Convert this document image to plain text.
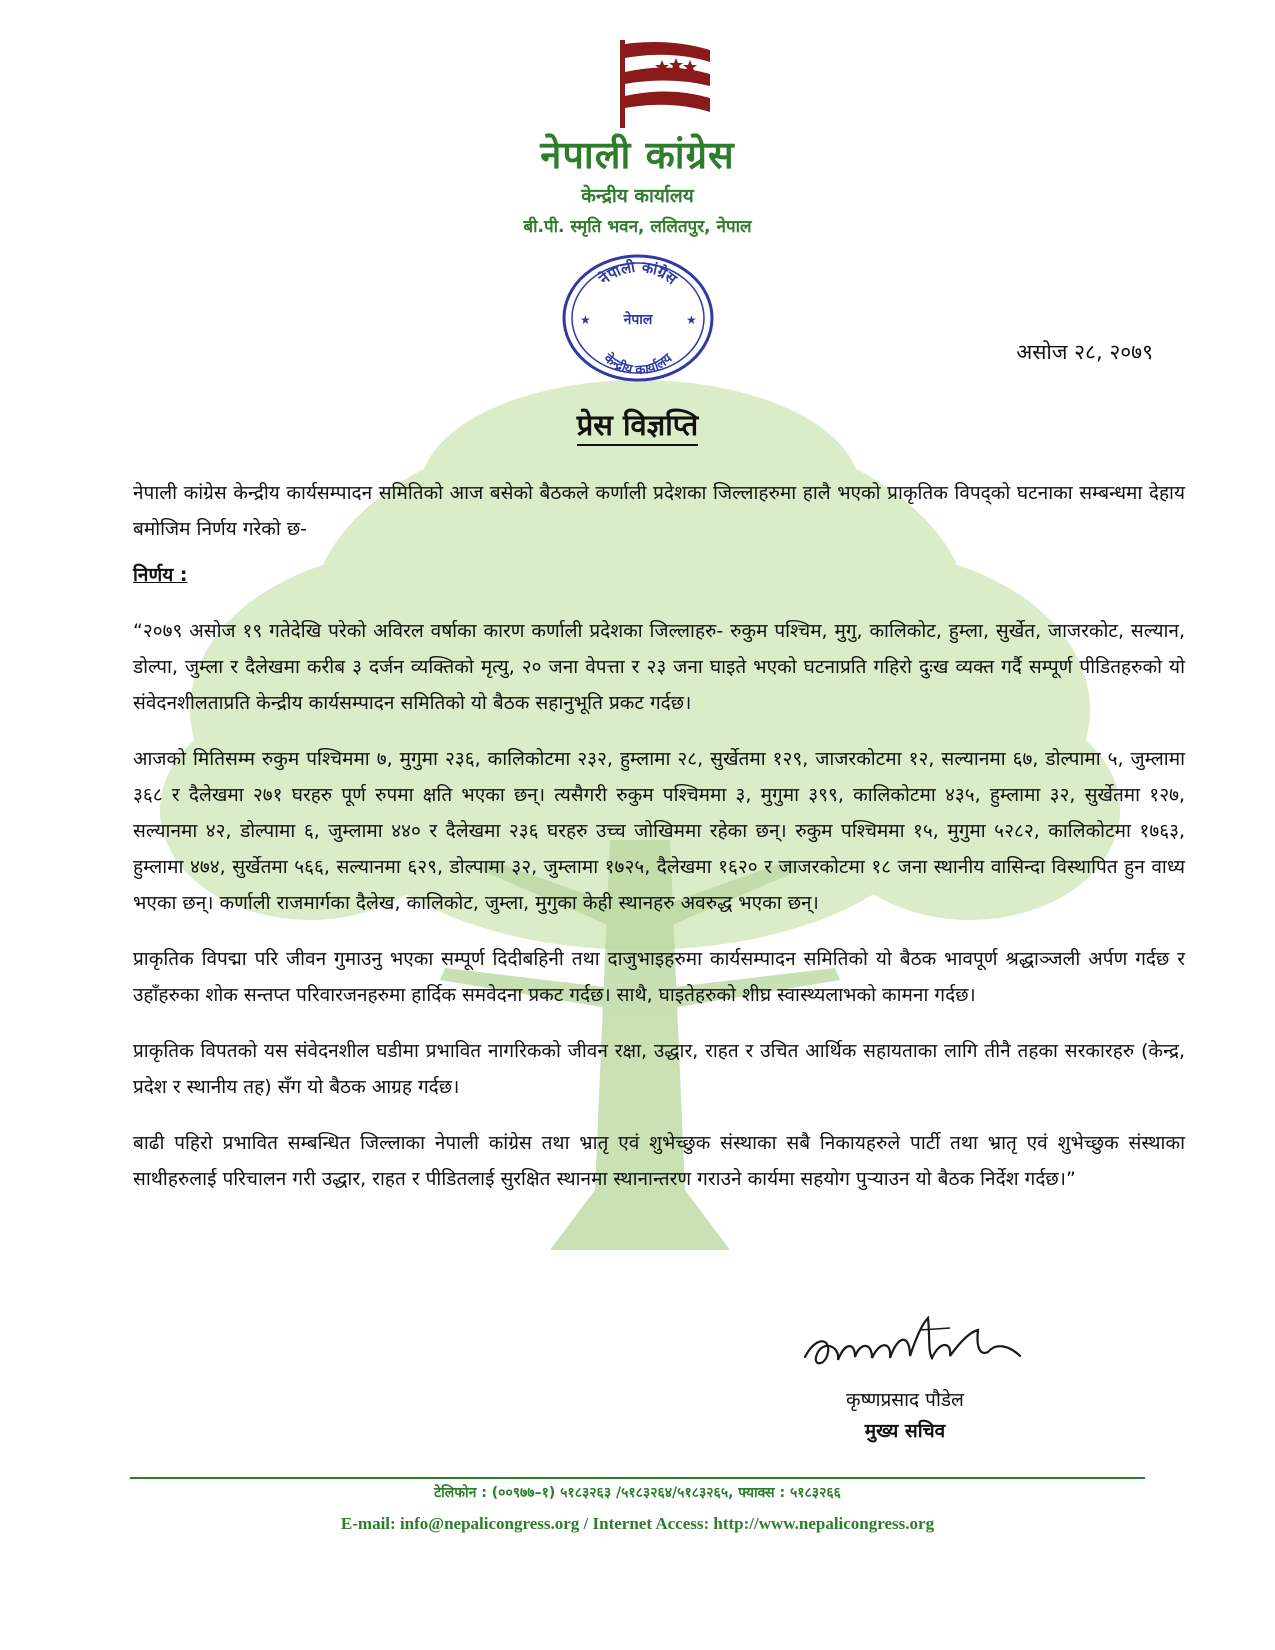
नेपाली कांग्रेस
केन्द्रीय कार्यालय
बी.पी. स्मृति भवन, ललितपुर, नेपाल
नेपाली कांग्रेस
नेपाल
केन्द्रीय कार्यालय
★	★
असोज २८, २०७९
प्रेस विज्ञप्ति

नेपाली कांग्रेस केन्द्रीय कार्यसम्पादन समितिको आज बसेको बैठकले कर्णाली प्रदेशका जिल्लाहरुमा हालै भएको प्राकृतिक विपद्को घटनाका सम्बन्धमा देहाय बमोजिम निर्णय गरेको छ-

निर्णय :

“२०७९ असोज १९ गतेदेखि परेको अविरल वर्षाका कारण कर्णाली प्रदेशका जिल्लाहरु- रुकुम पश्चिम, मुगु, कालिकोट, हुम्ला, सुर्खेत, जाजरकोट, सल्यान, डोल्पा, जुम्ला र दैलेखमा करीब ३ दर्जन व्यक्तिको मृत्यु, २० जना वेपत्ता र २३ जना घाइते भएको घटनाप्रति गहिरो दुःख व्यक्त गर्दै सम्पूर्ण पीडितहरुको यो संवेदनशीलताप्रति केन्द्रीय कार्यसम्पादन समितिको यो बैठक सहानुभूति प्रकट गर्दछ।

आजको मितिसम्म रुकुम पश्चिममा ७, मुगुमा २३६, कालिकोटमा २३२, हुम्लामा २८, सुर्खेतमा १२९, जाजरकोटमा १२, सल्यानमा ६७, डोल्पामा ५, जुम्लामा ३६८ र दैलेखमा २७१ घरहरु पूर्ण रुपमा क्षति भएका छन्। त्यसैगरी रुकुम पश्चिममा ३, मुगुमा ३९९, कालिकोटमा ४३५, हुम्लामा ३२, सुर्खेतमा १२७, सल्यानमा ४२, डोल्पामा ६, जुम्लामा ४४० र दैलेखमा २३६ घरहरु उच्च जोखिममा रहेका छन्। रुकुम पश्चिममा १५, मुगुमा ५२८२, कालिकोटमा १७६३, हुम्लामा ४७४, सुर्खेतमा ५६६, सल्यानमा ६२९, डोल्पामा ३२, जुम्लामा १७२५, दैलेखमा १६२० र जाजरकोटमा १८ जना स्थानीय वासिन्दा विस्थापित हुन वाध्य भएका छन्। कर्णाली राजमार्गका दैलेख, कालिकोट, जुम्ला, मुगुका केही स्थानहरु अवरुद्ध भएका छन्।

प्राकृतिक विपद्मा परि जीवन गुमाउनु भएका सम्पूर्ण दिदीबहिनी तथा दाजुभाइहरुमा कार्यसम्पादन समितिको यो बैठक भावपूर्ण श्रद्धाञ्जली अर्पण गर्दछ र उहाँहरुका शोक सन्तप्त परिवारजनहरुमा हार्दिक समवेदना प्रकट गर्दछ। साथै, घाइतेहरुको शीघ्र स्वास्थ्यलाभको कामना गर्दछ।

प्राकृतिक विपतको यस संवेदनशील घडीमा प्रभावित नागरिकको जीवन रक्षा, उद्धार, राहत र उचित आर्थिक सहायताका लागि तीनै तहका सरकारहरु (केन्द्र, प्रदेश र स्थानीय तह) सँग यो बैठक आग्रह गर्दछ।

बाढी पहिरो प्रभावित सम्बन्धित जिल्लाका नेपाली कांग्रेस तथा भ्रातृ एवं शुभेच्छुक संस्थाका सबै निकायहरुले पार्टी तथा भ्रातृ एवं शुभेच्छुक संस्थाका साथीहरुलाई परिचालन गरी उद्धार, राहत र पीडितलाई सुरक्षित स्थानमा स्थानान्तरण गराउने कार्यमा सहयोग पुर्‍याउन यो बैठक निर्देश गर्दछ।”

कृष्णप्रसाद पौडेल
मुख्य सचिव
टेलिफोन : (००९७७–१) ५१८३२६३ /५१८३२६४/५१८३२६५, फ्याक्स : ५१८३२६६
E-mail: info@nepalicongress.org / Internet Access: http://www.nepalicongress.org
